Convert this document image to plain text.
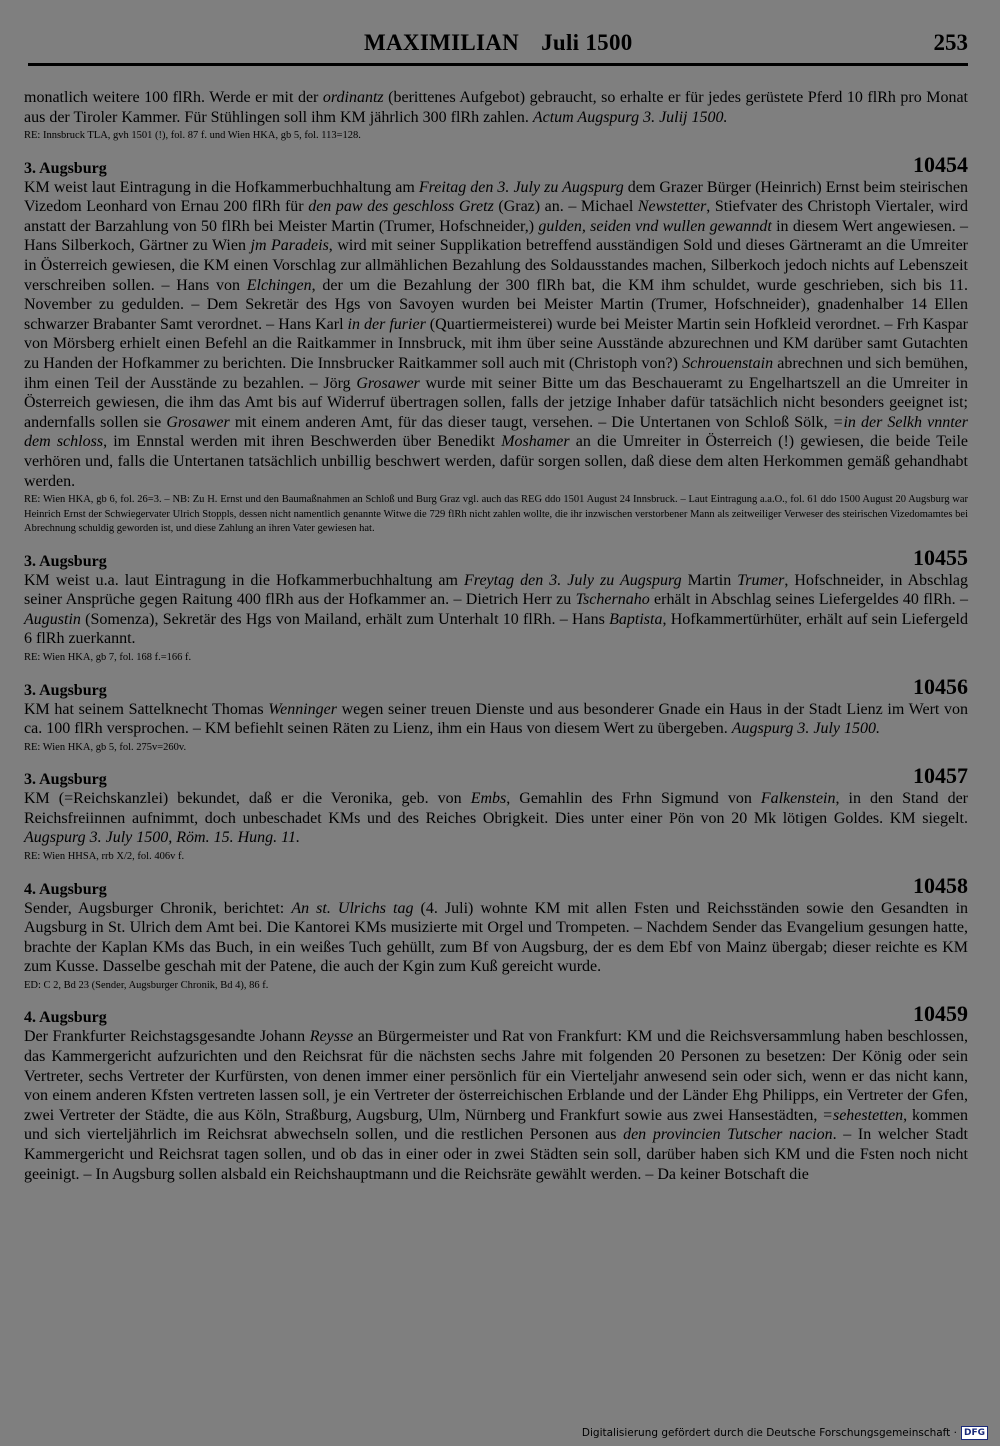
MAXIMILIAN Juli 1500	253

monatlich weitere 100 flRh. Werde er mit der ordinantz (berittenes Aufgebot) gebraucht, so erhalte er für jedes gerüstete Pferd 10 flRh pro Monat aus der Tiroler Kammer. Für Stühlingen soll ihm KM jährlich 300 flRh zahlen. Actum Augspurg 3. Julij 1500.

RE: Innsbruck TLA, gvh 1501 (!), fol. 87 f. und Wien HKA, gb 5, fol. 113=128.

3. Augsburg	10454

KM weist laut Eintragung in die Hofkammerbuchhaltung am Freitag den 3. July zu Augspurg dem Grazer Bürger (Heinrich) Ernst beim steirischen Vizedom Leonhard von Ernau 200 flRh für den paw des geschloss Gretz (Graz) an. – Michael Newstetter, Stiefvater des Christoph Viertaler, wird anstatt der Barzahlung von 50 flRh bei Meister Martin (Trumer, Hofschneider,) gulden, seiden vnd wullen gewanndt in diesem Wert angewiesen. – Hans Silberkoch, Gärtner zu Wien jm Paradeis, wird mit seiner Supplikation betreffend ausständigen Sold und dieses Gärtneramt an die Umreiter in Österreich gewiesen, die KM einen Vorschlag zur allmählichen Bezahlung des Soldausstandes machen, Silberkoch jedoch nichts auf Lebenszeit verschreiben sollen. – Hans von Elchingen, der um die Bezahlung der 300 flRh bat, die KM ihm schuldet, wurde geschrieben, sich bis 11. November zu gedulden. – Dem Sekretär des Hgs von Savoyen wurden bei Meister Martin (Trumer, Hofschneider), gnadenhalber 14 Ellen schwarzer Brabanter Samt verordnet. – Hans Karl in der furier (Quartiermeisterei) wurde bei Meister Martin sein Hofkleid verordnet. – Frh Kaspar von Mörsberg erhielt einen Befehl an die Raitkammer in Innsbruck, mit ihm über seine Ausstände abzurechnen und KM darüber samt Gutachten zu Handen der Hofkammer zu berichten. Die Innsbrucker Raitkammer soll auch mit (Christoph von?) Schrouenstain abrechnen und sich bemühen, ihm einen Teil der Ausstände zu bezahlen. – Jörg Grosawer wurde mit seiner Bitte um das Beschaueramt zu Engelhartszell an die Umreiter in Österreich gewiesen, die ihm das Amt bis auf Widerruf übertragen sollen, falls der jetzige Inhaber dafür tatsächlich nicht besonders geeignet ist; andernfalls sollen sie Grosawer mit einem anderen Amt, für das dieser taugt, versehen. – Die Untertanen von Schloß Sölk, =in der Selkh vnnter dem schloss, im Ennstal werden mit ihren Beschwerden über Benedikt Moshamer an die Umreiter in Österreich (!) gewiesen, die beide Teile verhören und, falls die Untertanen tatsächlich unbillig beschwert werden, dafür sorgen sollen, daß diese dem alten Herkommen gemäß gehandhabt werden.

RE: Wien HKA, gb 6, fol. 26=3. – NB: Zu H. Ernst und den Baumaßnahmen an Schloß und Burg Graz vgl. auch das REG ddo 1501 August 24 Innsbruck. – Laut Eintragung a.a.O., fol. 61 ddo 1500 August 20 Augsburg war Heinrich Ernst der Schwiegervater Ulrich Stoppls, dessen nicht namentlich genannte Witwe die 729 flRh nicht zahlen wollte, die ihr inzwischen verstorbener Mann als zeitweiliger Verweser des steirischen Vizedomamtes bei Abrechnung schuldig geworden ist, und diese Zahlung an ihren Vater gewiesen hat.

3. Augsburg	10455

KM weist u.a. laut Eintragung in die Hofkammerbuchhaltung am Freytag den 3. July zu Augspurg Martin Trumer, Hofschneider, in Abschlag seiner Ansprüche gegen Raitung 400 flRh aus der Hofkammer an. – Dietrich Herr zu Tschernaho erhält in Abschlag seines Liefergeldes 40 flRh. – Augustin (Somenza), Sekretär des Hgs von Mailand, erhält zum Unterhalt 10 flRh. – Hans Baptista, Hofkammertürhüter, erhält auf sein Liefergeld 6 flRh zuerkannt.

RE: Wien HKA, gb 7, fol. 168 f.=166 f.

3. Augsburg	10456

KM hat seinem Sattelknecht Thomas Wenninger wegen seiner treuen Dienste und aus besonderer Gnade ein Haus in der Stadt Lienz im Wert von ca. 100 flRh versprochen. – KM befiehlt seinen Räten zu Lienz, ihm ein Haus von diesem Wert zu übergeben. Augspurg 3. July 1500.

RE: Wien HKA, gb 5, fol. 275v=260v.

3. Augsburg	10457

KM (=Reichskanzlei) bekundet, daß er die Veronika, geb. von Embs, Gemahlin des Frhn Sigmund von Falkenstein, in den Stand der Reichsfreiinnen aufnimmt, doch unbeschadet KMs und des Reiches Obrigkeit. Dies unter einer Pön von 20 Mk lötigen Goldes. KM siegelt. Augspurg 3. July 1500, Röm. 15. Hung. 11.

RE: Wien HHSA, rrb X/2, fol. 406v f.

4. Augsburg	10458

Sender, Augsburger Chronik, berichtet: An st. Ulrichs tag (4. Juli) wohnte KM mit allen Fsten und Reichsständen sowie den Gesandten in Augsburg in St. Ulrich dem Amt bei. Die Kantorei KMs musizierte mit Orgel und Trompeten. – Nachdem Sender das Evangelium gesungen hatte, brachte der Kaplan KMs das Buch, in ein weißes Tuch gehüllt, zum Bf von Augsburg, der es dem Ebf von Mainz übergab; dieser reichte es KM zum Kusse. Dasselbe geschah mit der Patene, die auch der Kgin zum Kuß gereicht wurde.

ED: C 2, Bd 23 (Sender, Augsburger Chronik, Bd 4), 86 f.

4. Augsburg	10459

Der Frankfurter Reichstagsgesandte Johann Reysse an Bürgermeister und Rat von Frankfurt: KM und die Reichsversammlung haben beschlossen, das Kammergericht aufzurichten und den Reichsrat für die nächsten sechs Jahre mit folgenden 20 Personen zu besetzen: Der König oder sein Vertreter, sechs Vertreter der Kurfürsten, von denen immer einer persönlich für ein Vierteljahr anwesend sein oder sich, wenn er das nicht kann, von einem anderen Kfsten vertreten lassen soll, je ein Vertreter der österreichischen Erblande und der Länder Ehg Philipps, ein Vertreter der Gfen, zwei Vertreter der Städte, die aus Köln, Straßburg, Augsburg, Ulm, Nürnberg und Frankfurt sowie aus zwei Hansestädten, =sehestetten, kommen und sich vierteljährlich im Reichsrat abwechseln sollen, und die restlichen Personen aus den provincien Tutscher nacion. – In welcher Stadt Kammergericht und Reichsrat tagen sollen, und ob das in einer oder in zwei Städten sein soll, darüber haben sich KM und die Fsten noch nicht geeinigt. – In Augsburg sollen alsbald ein Reichshauptmann und die Reichsräte gewählt werden. – Da keiner Botschaft die

Digitalisierung gefördert durch die Deutsche Forschungsgemeinschaft · DFG
